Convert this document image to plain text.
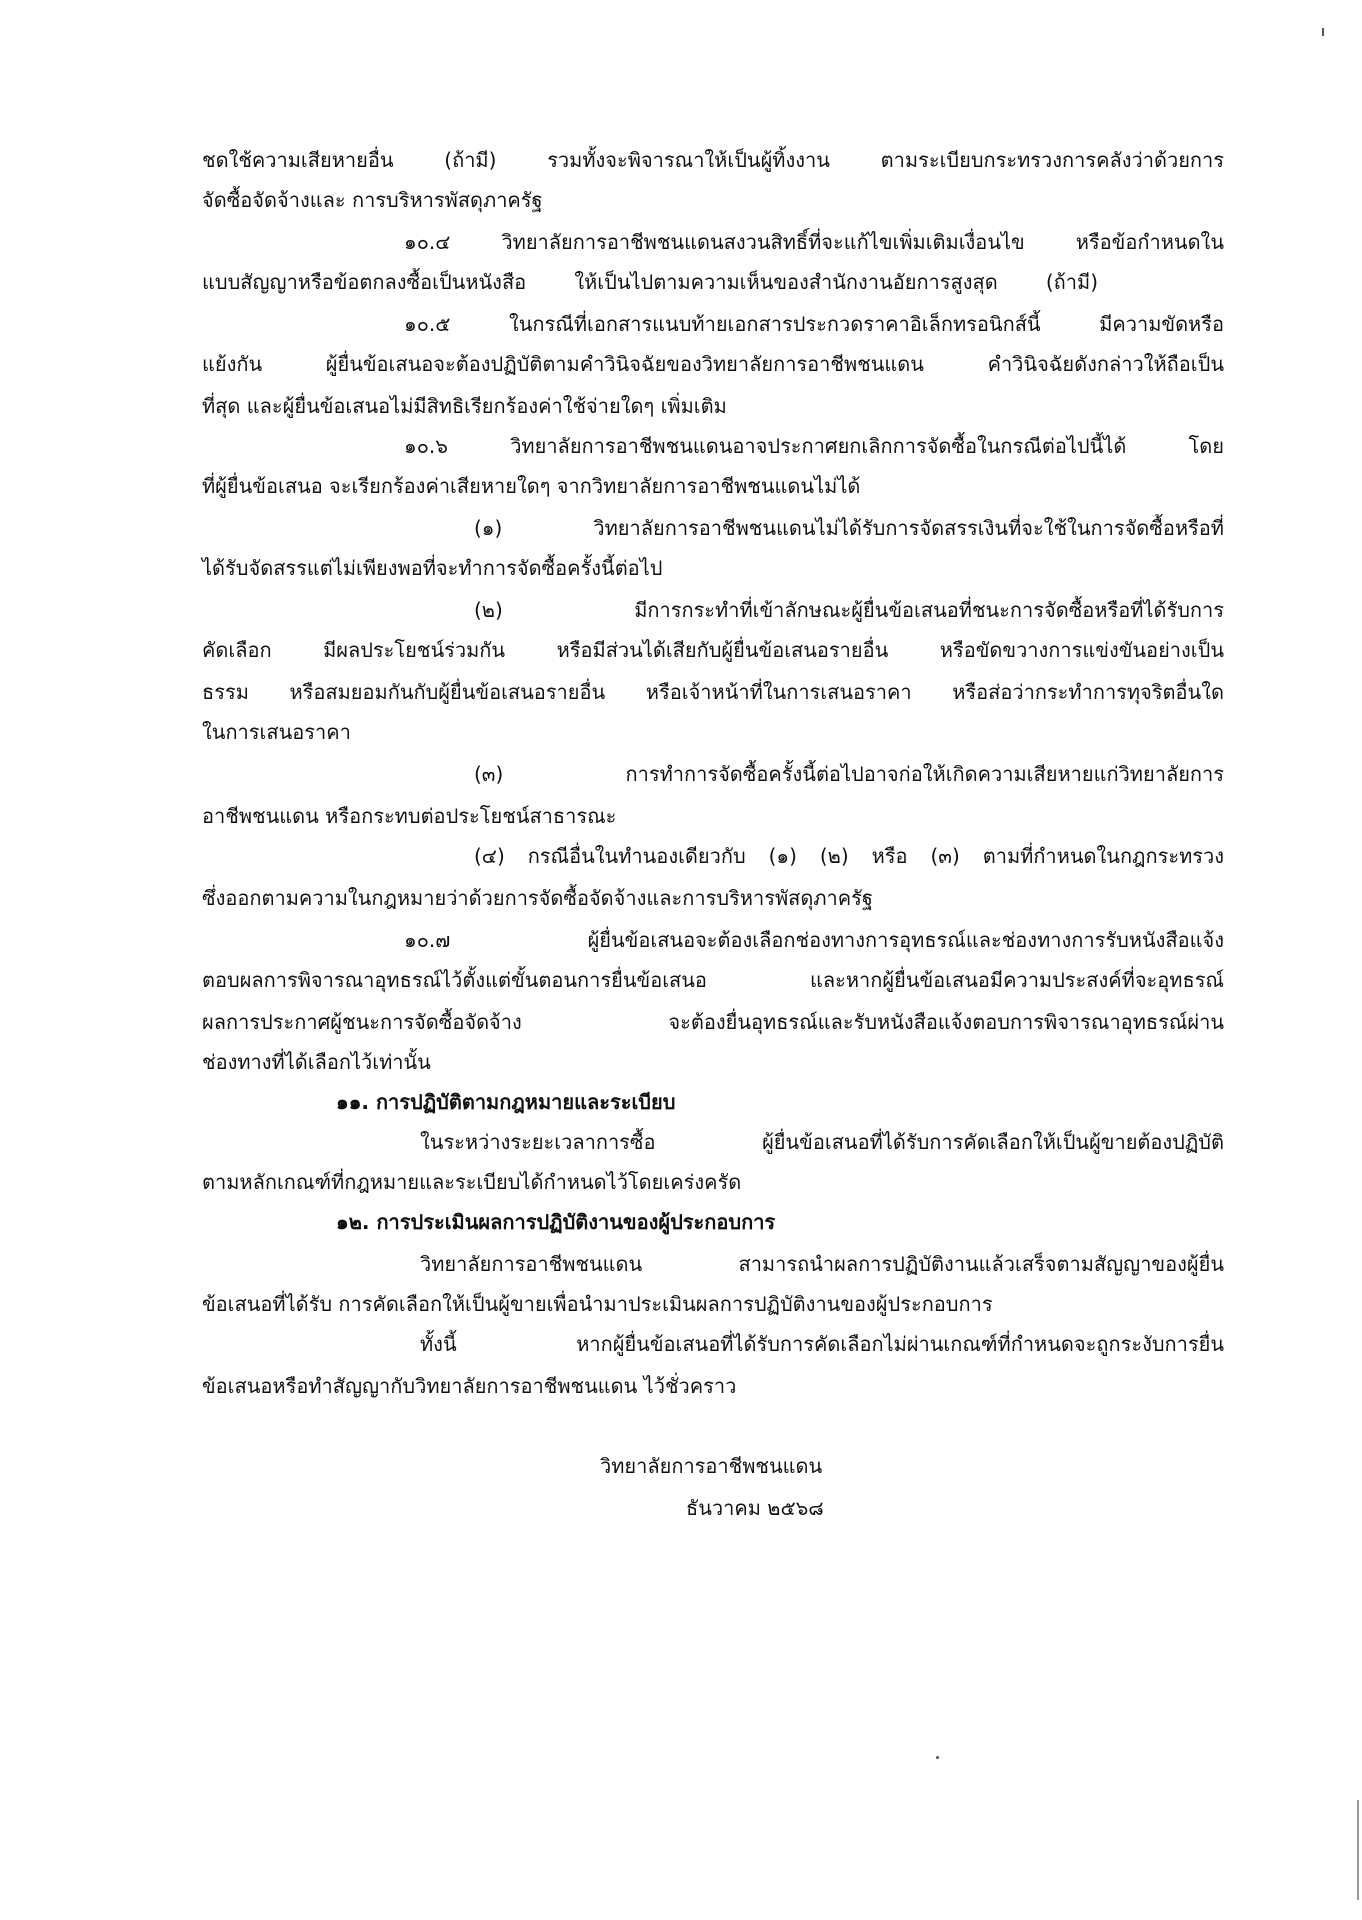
ชดใช้ความเสียหายอื่น (ถ้ามี) รวมทั้งจะพิจารณาให้เป็นผู้ทิ้งงาน ตามระเบียบกระทรวงการคลังว่าด้วยการ
จัดซื้อจัดจ้างและ การบริหารพัสดุภาครัฐ
๑๐.๔ วิทยาลัยการอาชีพชนแดนสงวนสิทธิ์ที่จะแก้ไขเพิ่มเติมเงื่อนไข หรือข้อกำหนดใน
แบบสัญญาหรือข้อตกลงซื้อเป็นหนังสือ ให้เป็นไปตามความเห็นของสำนักงานอัยการสูงสุด (ถ้ามี)
๑๐.๕ ในกรณีที่เอกสารแนบท้ายเอกสารประกวดราคาอิเล็กทรอนิกส์นี้ มีความขัดหรือ
แย้งกัน ผู้ยื่นข้อเสนอจะต้องปฏิบัติตามคำวินิจฉัยของวิทยาลัยการอาชีพชนแดน คำวินิจฉัยดังกล่าวให้ถือเป็น
ที่สุด และผู้ยื่นข้อเสนอไม่มีสิทธิเรียกร้องค่าใช้จ่ายใดๆ เพิ่มเติม
๑๐.๖ วิทยาลัยการอาชีพชนแดนอาจประกาศยกเลิกการจัดซื้อในกรณีต่อไปนี้ได้ โดย
ที่ผู้ยื่นข้อเสนอ จะเรียกร้องค่าเสียหายใดๆ จากวิทยาลัยการอาชีพชนแดนไม่ได้
(๑) วิทยาลัยการอาชีพชนแดนไม่ได้รับการจัดสรรเงินที่จะใช้ในการจัดซื้อหรือที่
ได้รับจัดสรรแต่ไม่เพียงพอที่จะทำการจัดซื้อครั้งนี้ต่อไป
(๒) มีการกระทำที่เข้าลักษณะผู้ยื่นข้อเสนอที่ชนะการจัดซื้อหรือที่ได้รับการ
คัดเลือก มีผลประโยชน์ร่วมกัน หรือมีส่วนได้เสียกับผู้ยื่นข้อเสนอรายอื่น หรือขัดขวางการแข่งขันอย่างเป็น
ธรรม หรือสมยอมกันกับผู้ยื่นข้อเสนอรายอื่น หรือเจ้าหน้าที่ในการเสนอราคา หรือส่อว่ากระทำการทุจริตอื่นใด
ในการเสนอราคา
(๓) การทำการจัดซื้อครั้งนี้ต่อไปอาจก่อให้เกิดความเสียหายแก่วิทยาลัยการ
อาชีพชนแดน หรือกระทบต่อประโยชน์สาธารณะ
(๔) กรณีอื่นในทำนองเดียวกับ (๑) (๒) หรือ (๓) ตามที่กำหนดในกฎกระทรวง
ซึ่งออกตามความในกฎหมายว่าด้วยการจัดซื้อจัดจ้างและการบริหารพัสดุภาครัฐ
๑๐.๗ ผู้ยื่นข้อเสนอจะต้องเลือกช่องทางการอุทธรณ์และช่องทางการรับหนังสือแจ้ง
ตอบผลการพิจารณาอุทธรณ์ไว้ตั้งแต่ขั้นตอนการยื่นข้อเสนอ และหากผู้ยื่นข้อเสนอมีความประสงค์ที่จะอุทธรณ์
ผลการประกาศผู้ชนะการจัดซื้อจัดจ้าง จะต้องยื่นอุทธรณ์และรับหนังสือแจ้งตอบการพิจารณาอุทธรณ์ผ่าน
ช่องทางที่ได้เลือกไว้เท่านั้น
๑๑. การปฏิบัติตามกฎหมายและระเบียบ
ในระหว่างระยะเวลาการซื้อ ผู้ยื่นข้อเสนอที่ได้รับการคัดเลือกให้เป็นผู้ขายต้องปฏิบัติ
ตามหลักเกณฑ์ที่กฎหมายและระเบียบได้กำหนดไว้โดยเคร่งครัด
๑๒. การประเมินผลการปฏิบัติงานของผู้ประกอบการ
วิทยาลัยการอาชีพชนแดน สามารถนำผลการปฏิบัติงานแล้วเสร็จตามสัญญาของผู้ยื่น
ข้อเสนอที่ได้รับ การคัดเลือกให้เป็นผู้ขายเพื่อนำมาประเมินผลการปฏิบัติงานของผู้ประกอบการ
ทั้งนี้ หากผู้ยื่นข้อเสนอที่ได้รับการคัดเลือกไม่ผ่านเกณฑ์ที่กำหนดจะถูกระงับการยื่น
ข้อเสนอหรือทำสัญญากับวิทยาลัยการอาชีพชนแดน ไว้ชั่วคราว
วิทยาลัยการอาชีพชนแดน
ธันวาคม ๒๕๖๘
